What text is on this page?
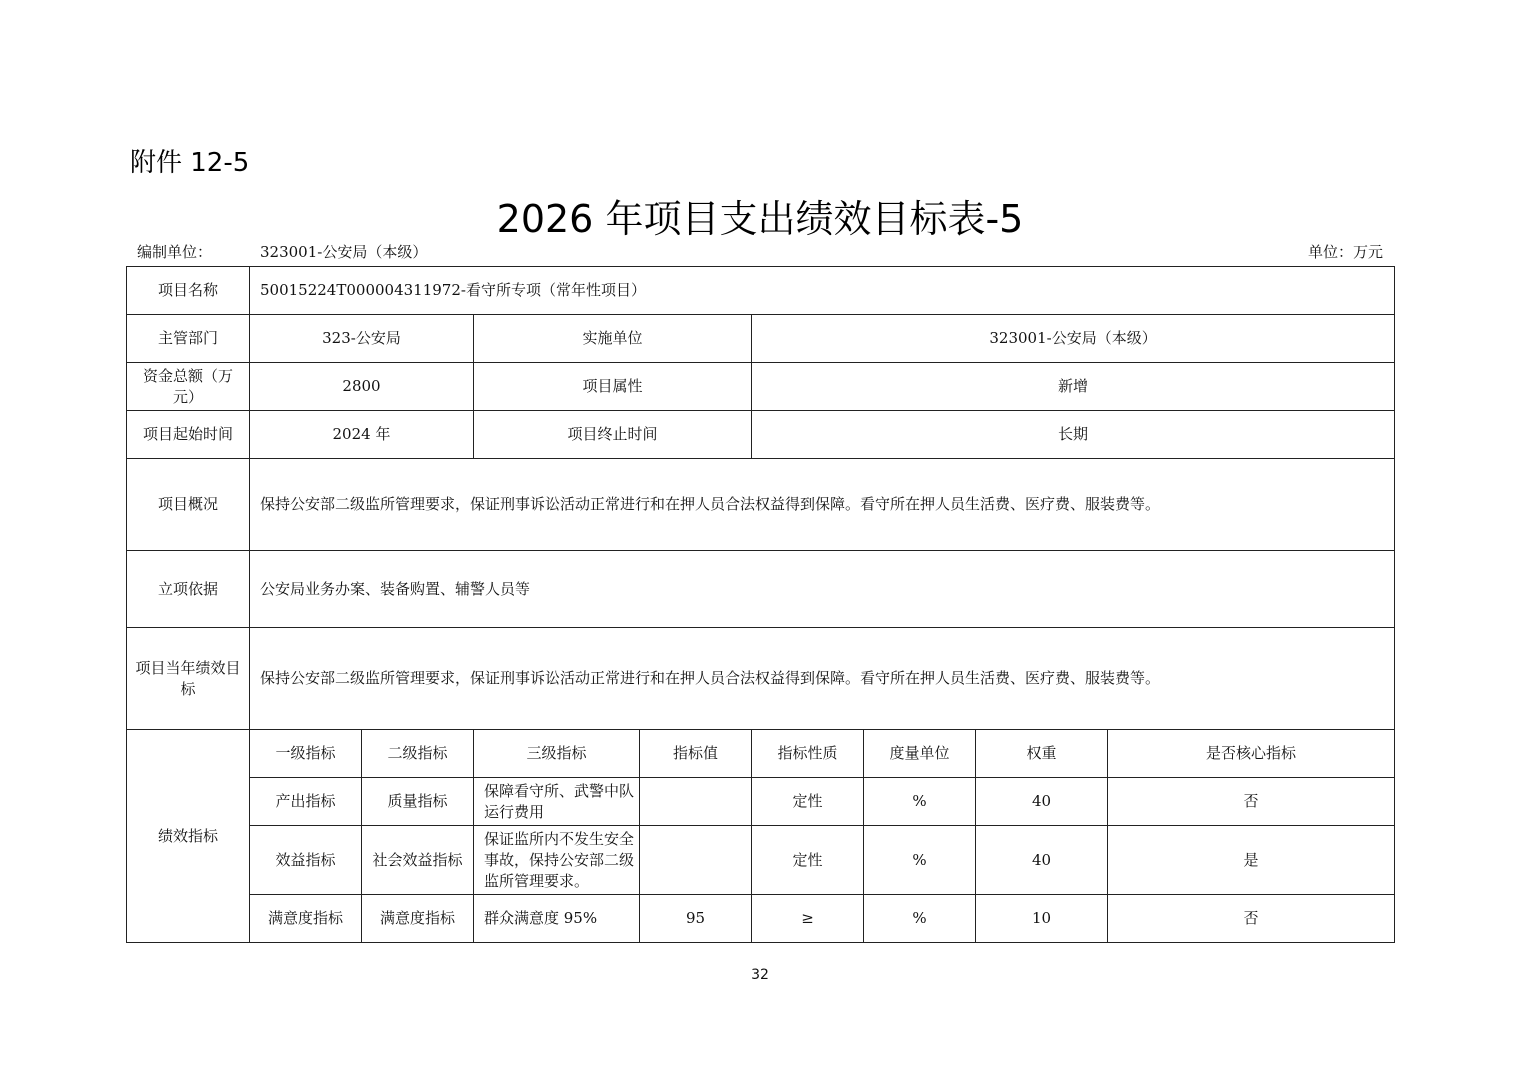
附件 12-5
2026 年项目支出绩效目标表-5
编制单位：	323001-公安局（本级）	单位：万元
项目名称	50015224T000004311972-看守所专项（常年性项目）							
主管部门	323-公安局		实施单位		323001-公安局（本级）			
资金总额（万元）	2800		项目属性		新增			
项目起始时间	2024 年		项目终止时间		长期			
项目概况	保持公安部二级监所管理要求，保证刑事诉讼活动正常进行和在押人员合法权益得到保障。看守所在押人员生活费、医疗费、服装费等。							
立项依据	公安局业务办案、装备购置、辅警人员等							
项目当年绩效目标	保持公安部二级监所管理要求，保证刑事诉讼活动正常进行和在押人员合法权益得到保障。看守所在押人员生活费、医疗费、服装费等。							
绩效指标	一级指标	二级指标	三级指标	指标值	指标性质	度量单位	权重	是否核心指标
	产出指标	质量指标	保障看守所、武警中队运行费用		定性	%	40	否
	效益指标	社会效益指标	保证监所内不发生安全事故，保持公安部二级监所管理要求。		定性	%	40	是
	满意度指标	满意度指标	群众满意度 95%	95	≥	%	10	否
32
